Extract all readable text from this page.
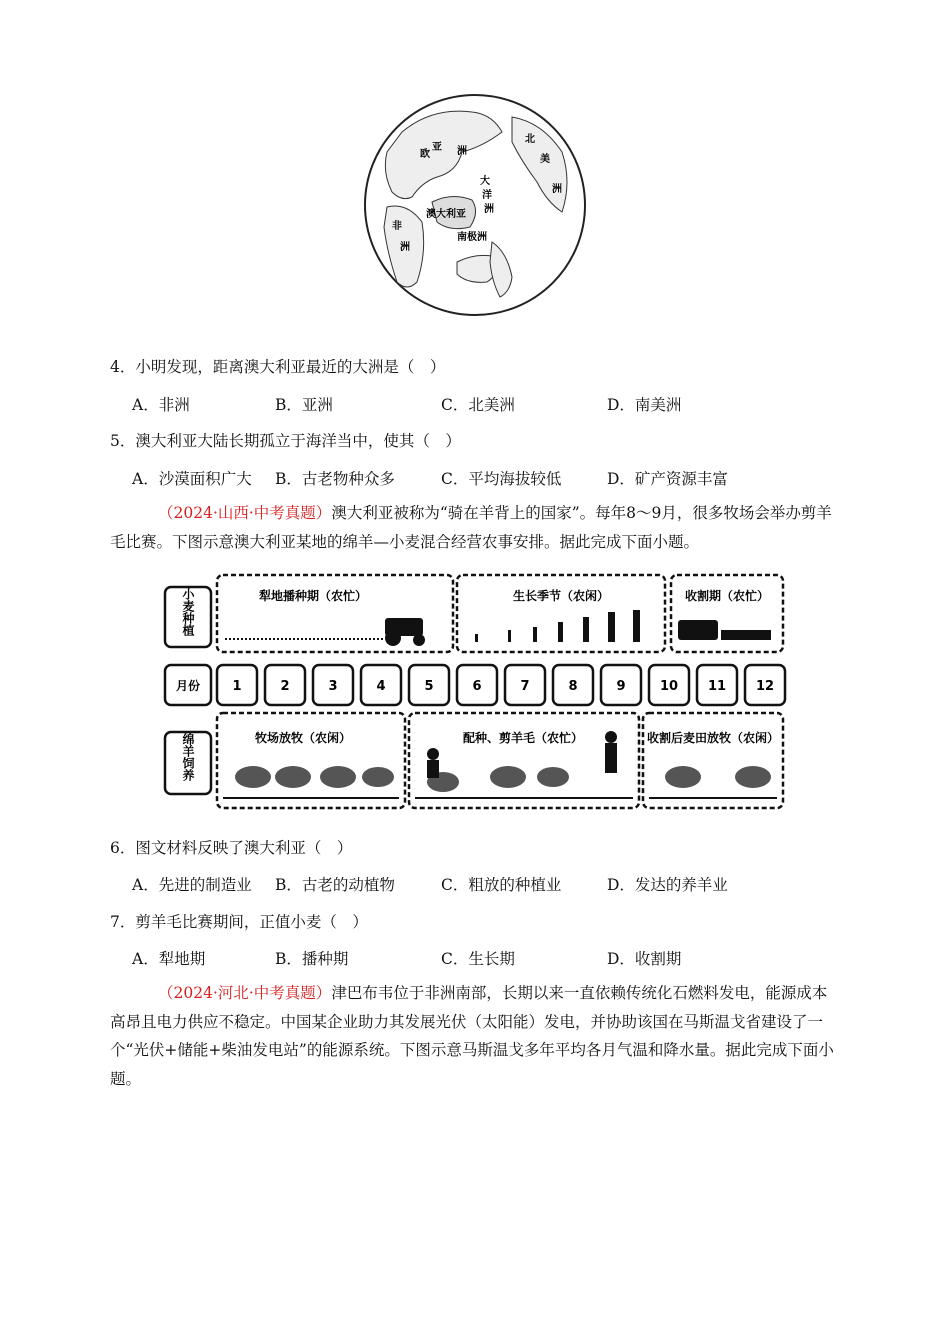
欧
亚 洲
北
美
洲
大
洋
洲
澳大利亚
非
洲
南极洲
4．小明发现，距离澳大利亚最近的大洲是（　）
A．非洲	B．亚洲	C．北美洲	D．南美洲
5．澳大利亚大陆长期孤立于海洋当中，使其（　）
A．沙漠面积广大 B．古老物种众多	C．平均海拔较低	D．矿产资源丰富
（2024·山西·中考真题）澳大利亚被称为“骑在羊背上的国家”。每年8～9月，很多牧场会举办剪羊毛比赛。下图示意澳大利亚某地的绵羊—小麦混合经营农事安排。据此完成下面小题。
小麦种植
月份
绵羊饲养
犁地播种期（农忙）	生长季节（农闲）	收割期（农忙）
牧场放牧（农闲）	配种、剪羊毛（农忙）	收割后麦田放牧（农闲）
1	2	3	4	5	6	7	8	9	10 11 12
6．图文材料反映了澳大利亚（　）
A．先进的制造业 B．古老的动植物	C．粗放的种植业	D．发达的养羊业
7．剪羊毛比赛期间，正值小麦（　）
A．犁地期	B．播种期	C．生长期	D．收割期
（2024·河北·中考真题）津巴布韦位于非洲南部，长期以来一直依赖传统化石燃料发电，能源成本高昂且电力供应不稳定。中国某企业助力其发展光伏（太阳能）发电，并协助该国在马斯温戈省建设了一个“光伏+储能+柴油发电站”的能源系统。下图示意马斯温戈多年平均各月气温和降水量。据此完成下面小题。
